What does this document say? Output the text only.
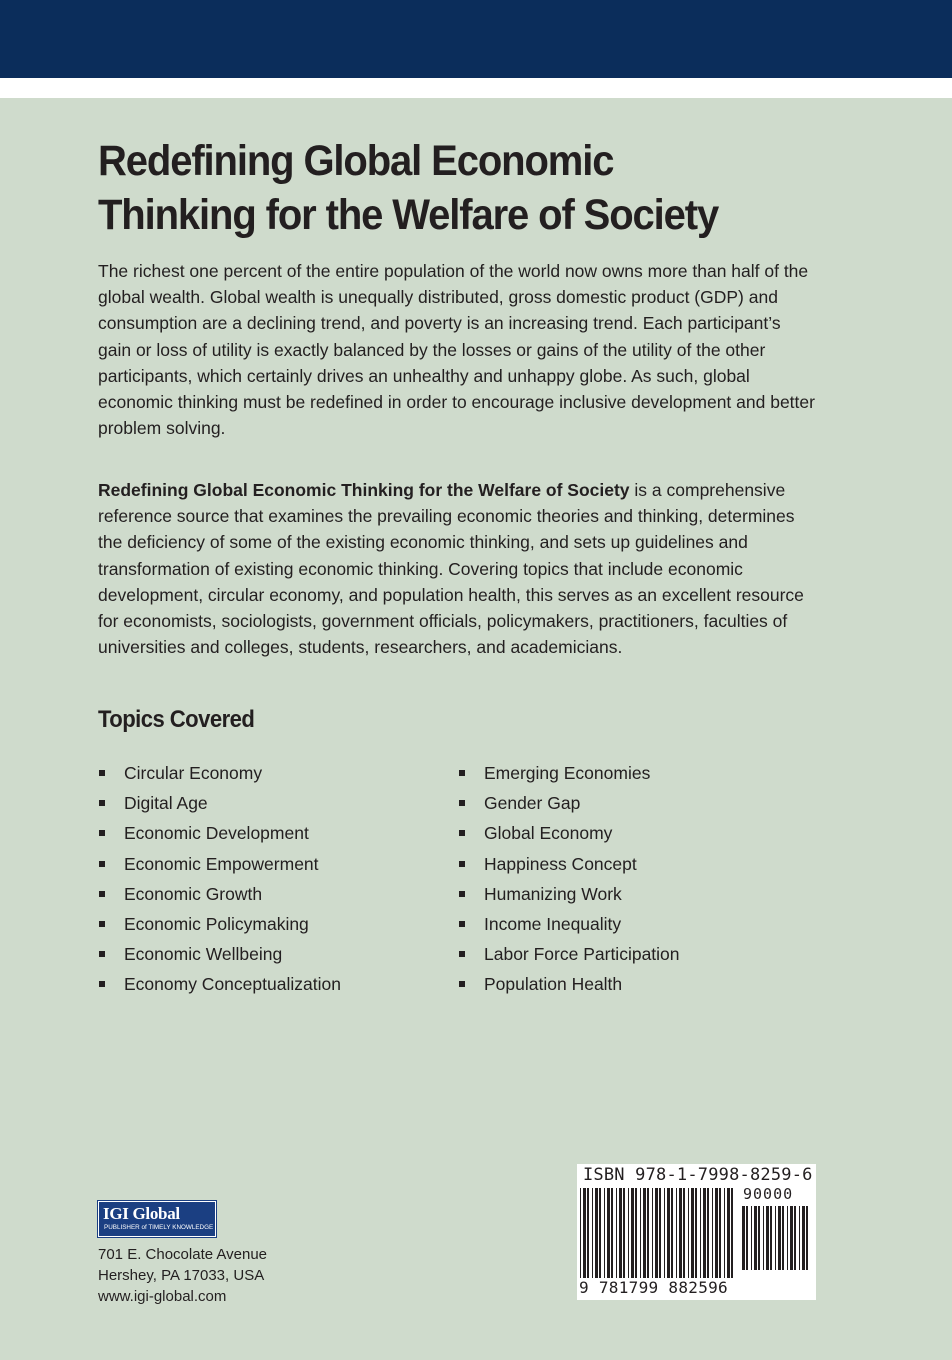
Redefining Global Economic
Thinking for the Welfare of Society

The richest one percent of the entire population of the world now owns more than half of the global wealth. Global wealth is unequally distributed, gross domestic product (GDP) and consumption are a declining trend, and poverty is an increasing trend. Each participant’s gain or loss of utility is exactly balanced by the losses or gains of the utility of the other participants, which certainly drives an unhealthy and unhappy globe. As such, global economic thinking must be redefined in order to encourage inclusive development and better problem solving.

Redefining Global Economic Thinking for the Welfare of Society is a comprehensive reference source that examines the prevailing economic theories and thinking, determines the deficiency of some of the existing economic thinking, and sets up guidelines and transformation of existing economic thinking. Covering topics that include economic development, circular economy, and population health, this serves as an excellent resource for economists, sociologists, government officials, policymakers, practitioners, faculties of universities and colleges, students, researchers, and academicians.

Topics Covered
Circular Economy
Digital Age
Economic Development
Economic Empowerment
Economic Growth
Economic Policymaking
Economic Wellbeing
Economy Conceptualization
Emerging Economies
Gender Gap
Global Economy
Happiness Concept
Humanizing Work
Income Inequality
Labor Force Participation
Population Health
IGI Global
PUBLISHER of TIMELY KNOWLEDGE

701 E. Chocolate Avenue
Hershey, PA 17033, USA
www.igi-global.com

ISBN 978-1-7998-8259-6
90000
9 781799 882596
